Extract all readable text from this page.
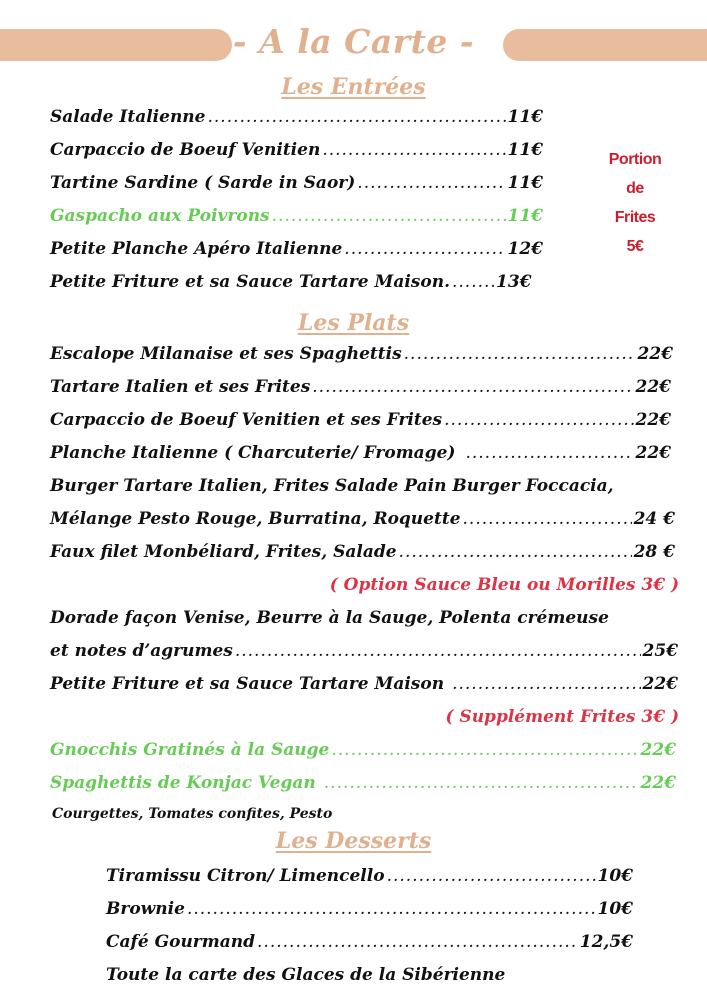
- A la Carte -
Les Entrées
Salade Italienne .....	11€
Carpaccio de Boeuf Venitien .....	11€
Tartine Sardine ( Sarde in Saor) .....	11€
Gaspacho aux Poivrons .....	11€
Petite Planche Apéro Italienne .....	12€
Petite Friture et sa Sauce Tartare Maison. .....	13€
Portion
de
Frites
5€
Les Plats
Escalope Milanaise et ses Spaghettis .....	22€
Tartare Italien et ses Frites .....	22€
Carpaccio de Boeuf Venitien et ses Frites .....	22€
Planche Italienne ( Charcuterie/ Fromage) .....	22€
Burger Tartare Italien, Frites Salade Pain Burger Foccacia,
Mélange Pesto Rouge, Burratina, Roquette .....	24 €
Faux filet Monbéliard, Frites, Salade .....	28 €
( Option Sauce Bleu ou Morilles 3€ )
Dorade façon Venise, Beurre à la Sauge, Polenta crémeuse
et notes d’agrumes .....	25€
Petite Friture et sa Sauce Tartare Maison .....	22€
( Supplément Frites 3€ )
Gnocchis Gratinés à la Sauge .....	22€
Spaghettis de Konjac Vegan .....	22€
Courgettes, Tomates confites, Pesto
Les Desserts
Tiramissu Citron/ Limencello .....	10€
Brownie .....	10€
Café Gourmand .....	12,5€
Toute la carte des Glaces de la Sibérienne
